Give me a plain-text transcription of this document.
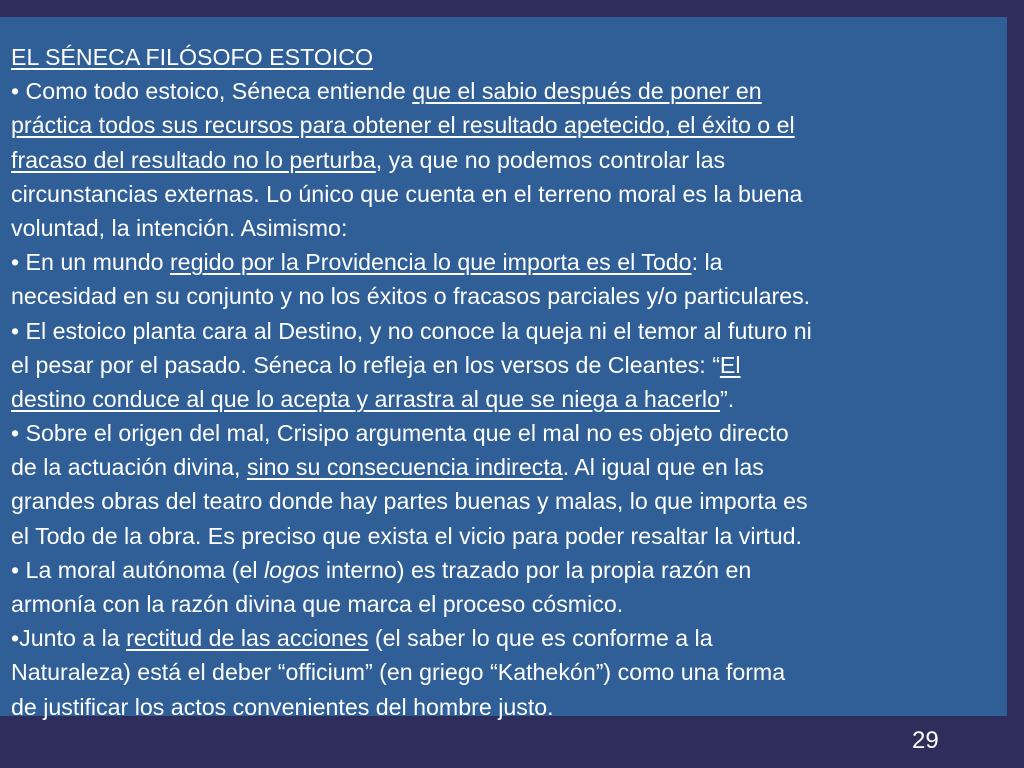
EL SÉNECA FILÓSOFO ESTOICO
• Como todo estoico, Séneca entiende que el sabio después de poner en
práctica todos sus recursos para obtener el resultado apetecido, el éxito o el
fracaso del resultado no lo perturba, ya que no podemos controlar las
circunstancias externas. Lo único que cuenta en el terreno moral es la buena
voluntad, la intención. Asimismo:
• En un mundo regido por la Providencia lo que importa es el Todo: la
necesidad en su conjunto y no los éxitos o fracasos parciales y/o particulares.
• El estoico planta cara al Destino, y no conoce la queja ni el temor al futuro ni
el pesar por el pasado. Séneca lo refleja en los versos de Cleantes: “El
destino conduce al que lo acepta y arrastra al que se niega a hacerlo”.
• Sobre el origen del mal, Crisipo argumenta que el mal no es objeto directo
de la actuación divina, sino su consecuencia indirecta. Al igual que en las
grandes obras del teatro donde hay partes buenas y malas, lo que importa es
el Todo de la obra. Es preciso que exista el vicio para poder resaltar la virtud.
• La moral autónoma (el logos interno) es trazado por la propia razón en
armonía con la razón divina que marca el proceso cósmico.
•Junto a la rectitud de las acciones (el saber lo que es conforme a la
Naturaleza) está el deber “officium” (en griego “Kathekón”) como una forma
de justificar los actos convenientes del hombre justo.
29
